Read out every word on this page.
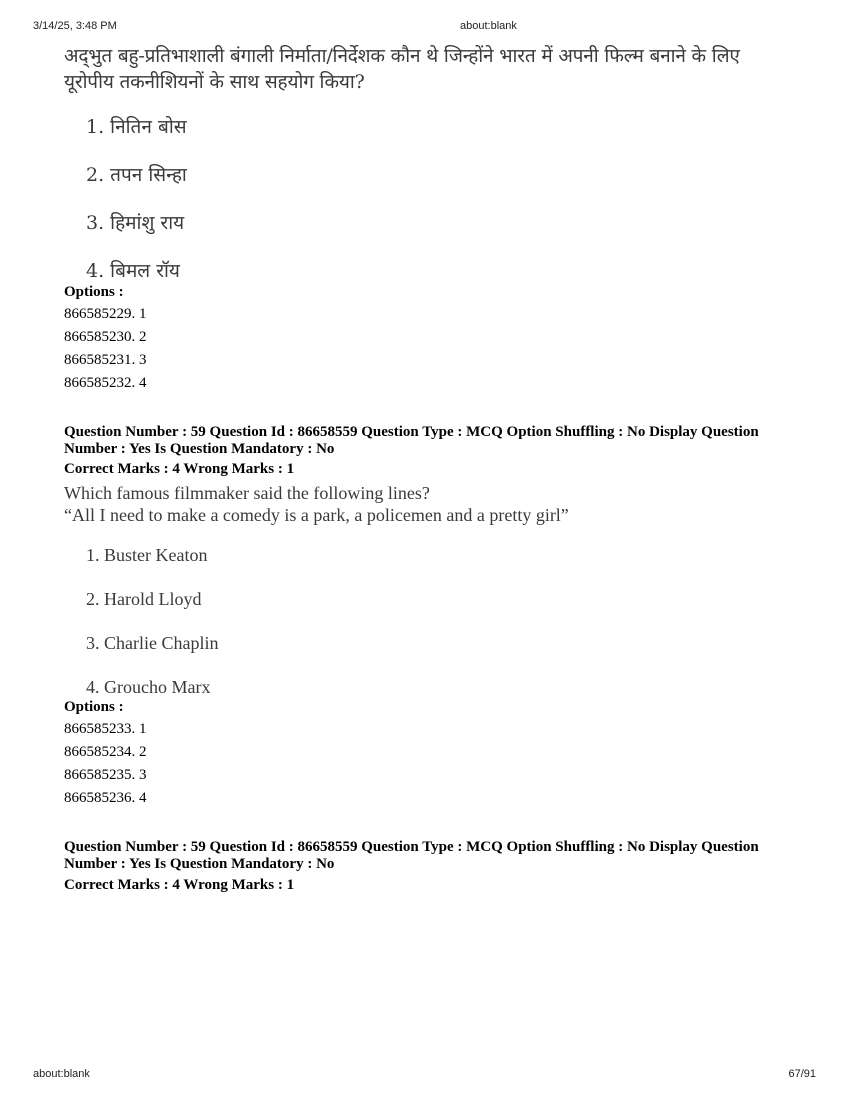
3/14/25, 3:48 PM	about:blank
अद्‌भुत बहु-प्रतिभाशाली बंगाली निर्माता/निर्देशक कौन थे जिन्होंने भारत में अपनी फिल्म बनाने के लिए
यूरोपीय तकनीशियनों के साथ सहयोग किया?
1. नितिन बोस
2. तपन सिन्हा
3. हिमांशु राय
4. बिमल रॉय
Options :
866585229. 1
866585230. 2
866585231. 3
866585232. 4
Question Number : 59 Question Id : 86658559 Question Type : MCQ Option Shuffling : No Display Question
Number : Yes Is Question Mandatory : No
Correct Marks : 4 Wrong Marks : 1
Which famous filmmaker said the following lines?
“All I need to make a comedy is a park, a policemen and a pretty girl”
1. Buster Keaton
2. Harold Lloyd
3. Charlie Chaplin
4. Groucho Marx
Options :
866585233. 1
866585234. 2
866585235. 3
866585236. 4
Question Number : 59 Question Id : 86658559 Question Type : MCQ Option Shuffling : No Display Question
Number : Yes Is Question Mandatory : No
Correct Marks : 4 Wrong Marks : 1
about:blank	67/91
